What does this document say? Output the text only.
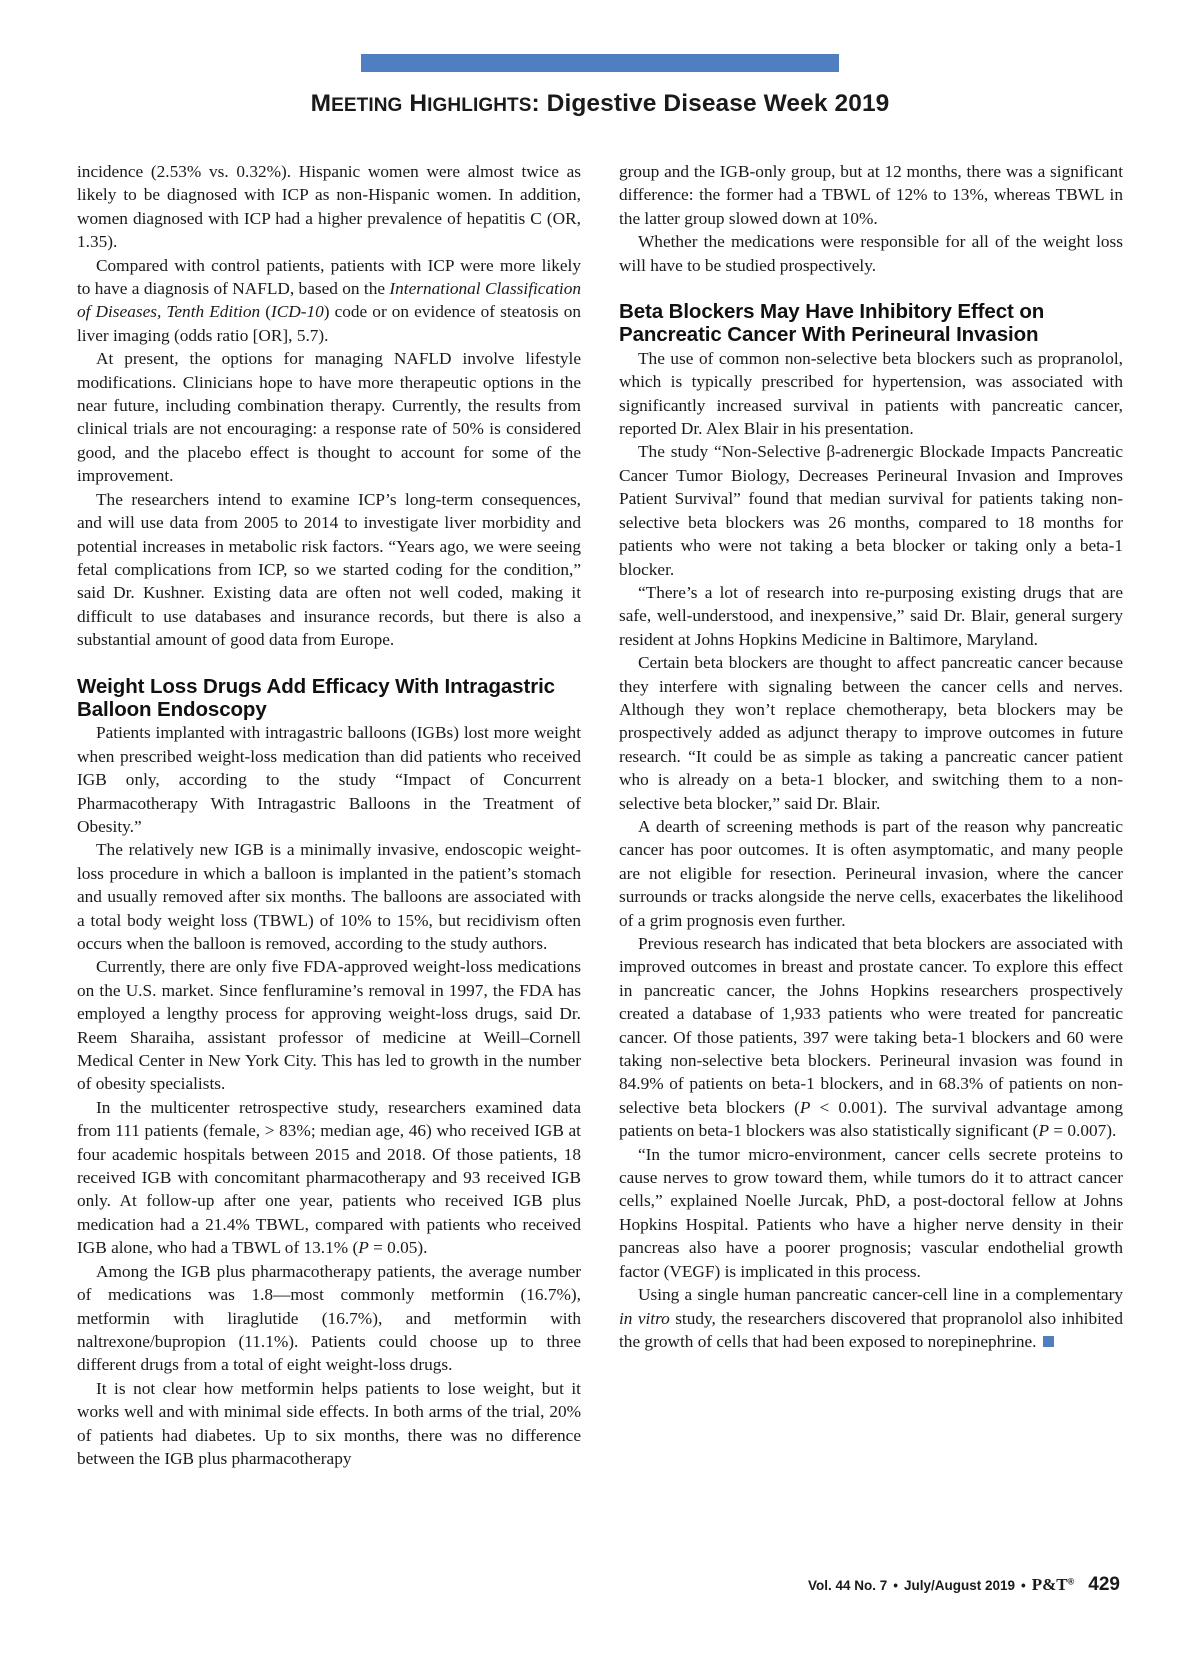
MEETING HIGHLIGHTS: Digestive Disease Week 2019

incidence (2.53% vs. 0.32%). Hispanic women were almost twice as likely to be diagnosed with ICP as non-Hispanic women. In addition, women diagnosed with ICP had a higher prevalence of hepatitis C (OR, 1.35).

Compared with control patients, patients with ICP were more likely to have a diagnosis of NAFLD, based on the International Classification of Diseases, Tenth Edition (ICD-10) code or on evidence of steatosis on liver imaging (odds ratio [OR], 5.7).

At present, the options for managing NAFLD involve lifestyle modifications. Clinicians hope to have more therapeutic options in the near future, including combination therapy. Currently, the results from clinical trials are not encouraging: a response rate of 50% is considered good, and the placebo effect is thought to account for some of the improvement.

The researchers intend to examine ICP’s long-term consequences, and will use data from 2005 to 2014 to investigate liver morbidity and potential increases in metabolic risk factors. “Years ago, we were seeing fetal complications from ICP, so we started coding for the condition,” said Dr. Kushner. Existing data are often not well coded, making it difficult to use databases and insurance records, but there is also a substantial amount of good data from Europe.

Weight Loss Drugs Add Efficacy With Intragastric Balloon Endoscopy

Patients implanted with intragastric balloons (IGBs) lost more weight when prescribed weight-loss medication than did patients who received IGB only, according to the study “Impact of Concurrent Pharmacotherapy With Intragastric Balloons in the Treatment of Obesity.”

The relatively new IGB is a minimally invasive, endoscopic weight-loss procedure in which a balloon is implanted in the patient’s stomach and usually removed after six months. The balloons are associated with a total body weight loss (TBWL) of 10% to 15%, but recidivism often occurs when the balloon is removed, according to the study authors.

Currently, there are only five FDA-approved weight-loss medications on the U.S. market. Since fenfluramine’s removal in 1997, the FDA has employed a lengthy process for approving weight-loss drugs, said Dr. Reem Sharaiha, assistant professor of medicine at Weill–Cornell Medical Center in New York City. This has led to growth in the number of obesity specialists.

In the multicenter retrospective study, researchers examined data from 111 patients (female, > 83%; median age, 46) who received IGB at four academic hospitals between 2015 and 2018. Of those patients, 18 received IGB with concomitant pharmacotherapy and 93 received IGB only. At follow-up after one year, patients who received IGB plus medication had a 21.4% TBWL, compared with patients who received IGB alone, who had a TBWL of 13.1% (P = 0.05).

Among the IGB plus pharmacotherapy patients, the average number of medications was 1.8—most commonly metformin (16.7%), metformin with liraglutide (16.7%), and metformin with naltrexone/bupropion (11.1%). Patients could choose up to three different drugs from a total of eight weight-loss drugs.

It is not clear how metformin helps patients to lose weight, but it works well and with minimal side effects. In both arms of the trial, 20% of patients had diabetes. Up to six months, there was no difference between the IGB plus pharmacotherapy

group and the IGB-only group, but at 12 months, there was a significant difference: the former had a TBWL of 12% to 13%, whereas TBWL in the latter group slowed down at 10%.

Whether the medications were responsible for all of the weight loss will have to be studied prospectively.

Beta Blockers May Have Inhibitory Effect on Pancreatic Cancer With Perineural Invasion

The use of common non-selective beta blockers such as propranolol, which is typically prescribed for hypertension, was associated with significantly increased survival in patients with pancreatic cancer, reported Dr. Alex Blair in his presentation.

The study “Non-Selective β-adrenergic Blockade Impacts Pancreatic Cancer Tumor Biology, Decreases Perineural Invasion and Improves Patient Survival” found that median survival for patients taking non-selective beta blockers was 26 months, compared to 18 months for patients who were not taking a beta blocker or taking only a beta-1 blocker.

“There’s a lot of research into re-purposing existing drugs that are safe, well-understood, and inexpensive,” said Dr. Blair, general surgery resident at Johns Hopkins Medicine in Baltimore, Maryland.

Certain beta blockers are thought to affect pancreatic cancer because they interfere with signaling between the cancer cells and nerves. Although they won’t replace chemotherapy, beta blockers may be prospectively added as adjunct therapy to improve outcomes in future research. “It could be as simple as taking a pancreatic cancer patient who is already on a beta-1 blocker, and switching them to a non-selective beta blocker,” said Dr. Blair.

A dearth of screening methods is part of the reason why pancreatic cancer has poor outcomes. It is often asymptomatic, and many people are not eligible for resection. Perineural invasion, where the cancer surrounds or tracks alongside the nerve cells, exacerbates the likelihood of a grim prognosis even further.

Previous research has indicated that beta blockers are associated with improved outcomes in breast and prostate cancer. To explore this effect in pancreatic cancer, the Johns Hopkins researchers prospectively created a database of 1,933 patients who were treated for pancreatic cancer. Of those patients, 397 were taking beta-1 blockers and 60 were taking non-selective beta blockers. Perineural invasion was found in 84.9% of patients on beta-1 blockers, and in 68.3% of patients on non-selective beta blockers (P < 0.001). The survival advantage among patients on beta-1 blockers was also statistically significant (P = 0.007).

“In the tumor micro-environment, cancer cells secrete proteins to cause nerves to grow toward them, while tumors do it to attract cancer cells,” explained Noelle Jurcak, PhD, a post-doctoral fellow at Johns Hopkins Hospital. Patients who have a higher nerve density in their pancreas also have a poorer prognosis; vascular endothelial growth factor (VEGF) is implicated in this process.

Using a single human pancreatic cancer-cell line in a complementary in vitro study, the researchers discovered that propranolol also inhibited the growth of cells that had been exposed to norepinephrine.

Vol. 44 No. 7 • July/August 2019 • P&T® 429
